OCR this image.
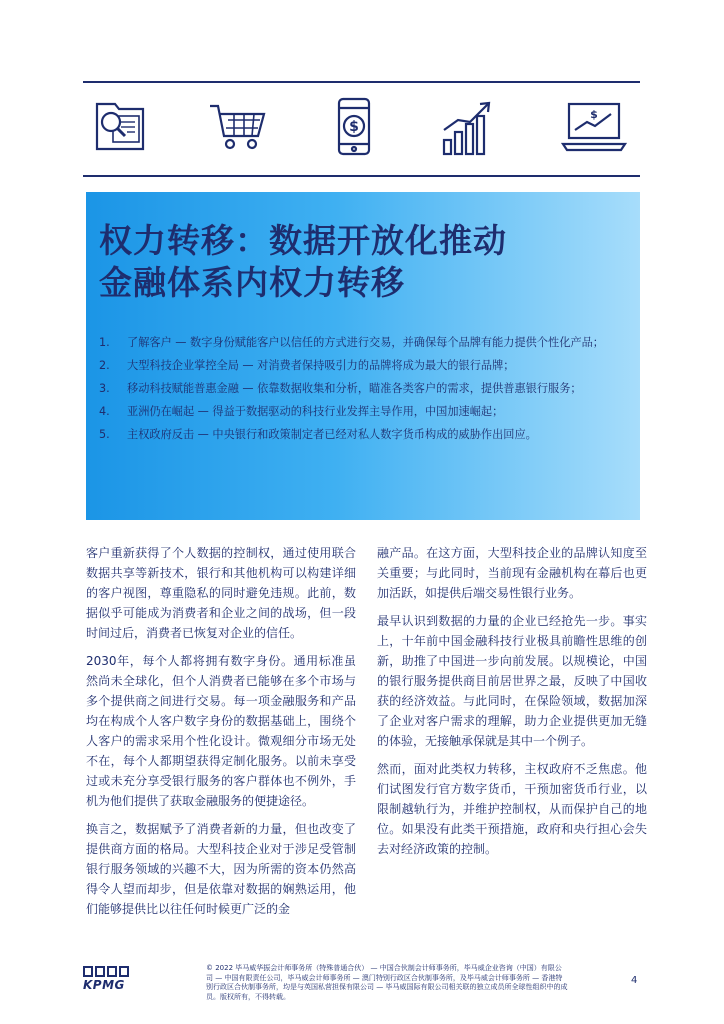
$
$
权力转移：数据开放化推动
金融体系内权力转移
1. 了解客户 — 数字身份赋能客户以信任的方式进行交易，并确保每个品牌有能力提供个性化产品；
2. 大型科技企业掌控全局 — 对消费者保持吸引力的品牌将成为最大的银行品牌；
3. 移动科技赋能普惠金融 — 依靠数据收集和分析，瞄准各类客户的需求，提供普惠银行服务；
4. 亚洲仍在崛起 — 得益于数据驱动的科技行业发挥主导作用，中国加速崛起；
5. 主权政府反击 — 中央银行和政策制定者已经对私人数字货币构成的威胁作出回应。

客户重新获得了个人数据的控制权，通过使用联合数据共享等新技术，银行和其他机构可以构建详细的客户视图，尊重隐私的同时避免违规。此前，数据似乎可能成为消费者和企业之间的战场，但一段时间过后，消费者已恢复对企业的信任。

2030年，每个人都将拥有数字身份。通用标准虽然尚未全球化，但个人消费者已能够在多个市场与多个提供商之间进行交易。每一项金融服务和产品均在构成个人客户数字身份的数据基础上，围绕个人客户的需求采用个性化设计。微观细分市场无处不在，每个人都期望获得定制化服务。以前未享受过或未充分享受银行服务的客户群体也不例外，手机为他们提供了获取金融服务的便捷途径。

换言之，数据赋予了消费者新的力量，但也改变了提供商方面的格局。大型科技企业对于涉足受管制银行服务领域的兴趣不大，因为所需的资本仍然高得令人望而却步，但是依靠对数据的娴熟运用，他们能够提供比以往任何时候更广泛的金

融产品。在这方面，大型科技企业的品牌认知度至关重要；与此同时，当前现有金融机构在幕后也更加活跃，如提供后端交易性银行业务。

最早认识到数据的力量的企业已经抢先一步。事实上，十年前中国金融科技行业极具前瞻性思维的创新，助推了中国进一步向前发展。以规模论，中国的银行服务提供商目前居世界之最，反映了中国收获的经济效益。与此同时，在保险领域，数据加深了企业对客户需求的理解，助力企业提供更加无缝的体验，无接触承保就是其中一个例子。

然而，面对此类权力转移，主权政府不乏焦虑。他们试图发行官方数字货币，干预加密货币行业，以限制越轨行为，并维护控制权，从而保护自己的地位。如果没有此类干预措施，政府和央行担心会失去对经济政策的控制。

KPMG
© 2022 毕马威华振会计师事务所（特殊普通合伙） — 中国合伙制会计师事务所，毕马威企业咨询（中国）有限公司 — 中国有限责任公司，毕马威会计师事务所 — 澳门特别行政区合伙制事务所，及毕马威会计师事务所 — 香港特别行政区合伙制事务所，均是与英国私营担保有限公司 — 毕马威国际有限公司相关联的独立成员所全球性组织中的成员。版权所有，不得转载。
4
